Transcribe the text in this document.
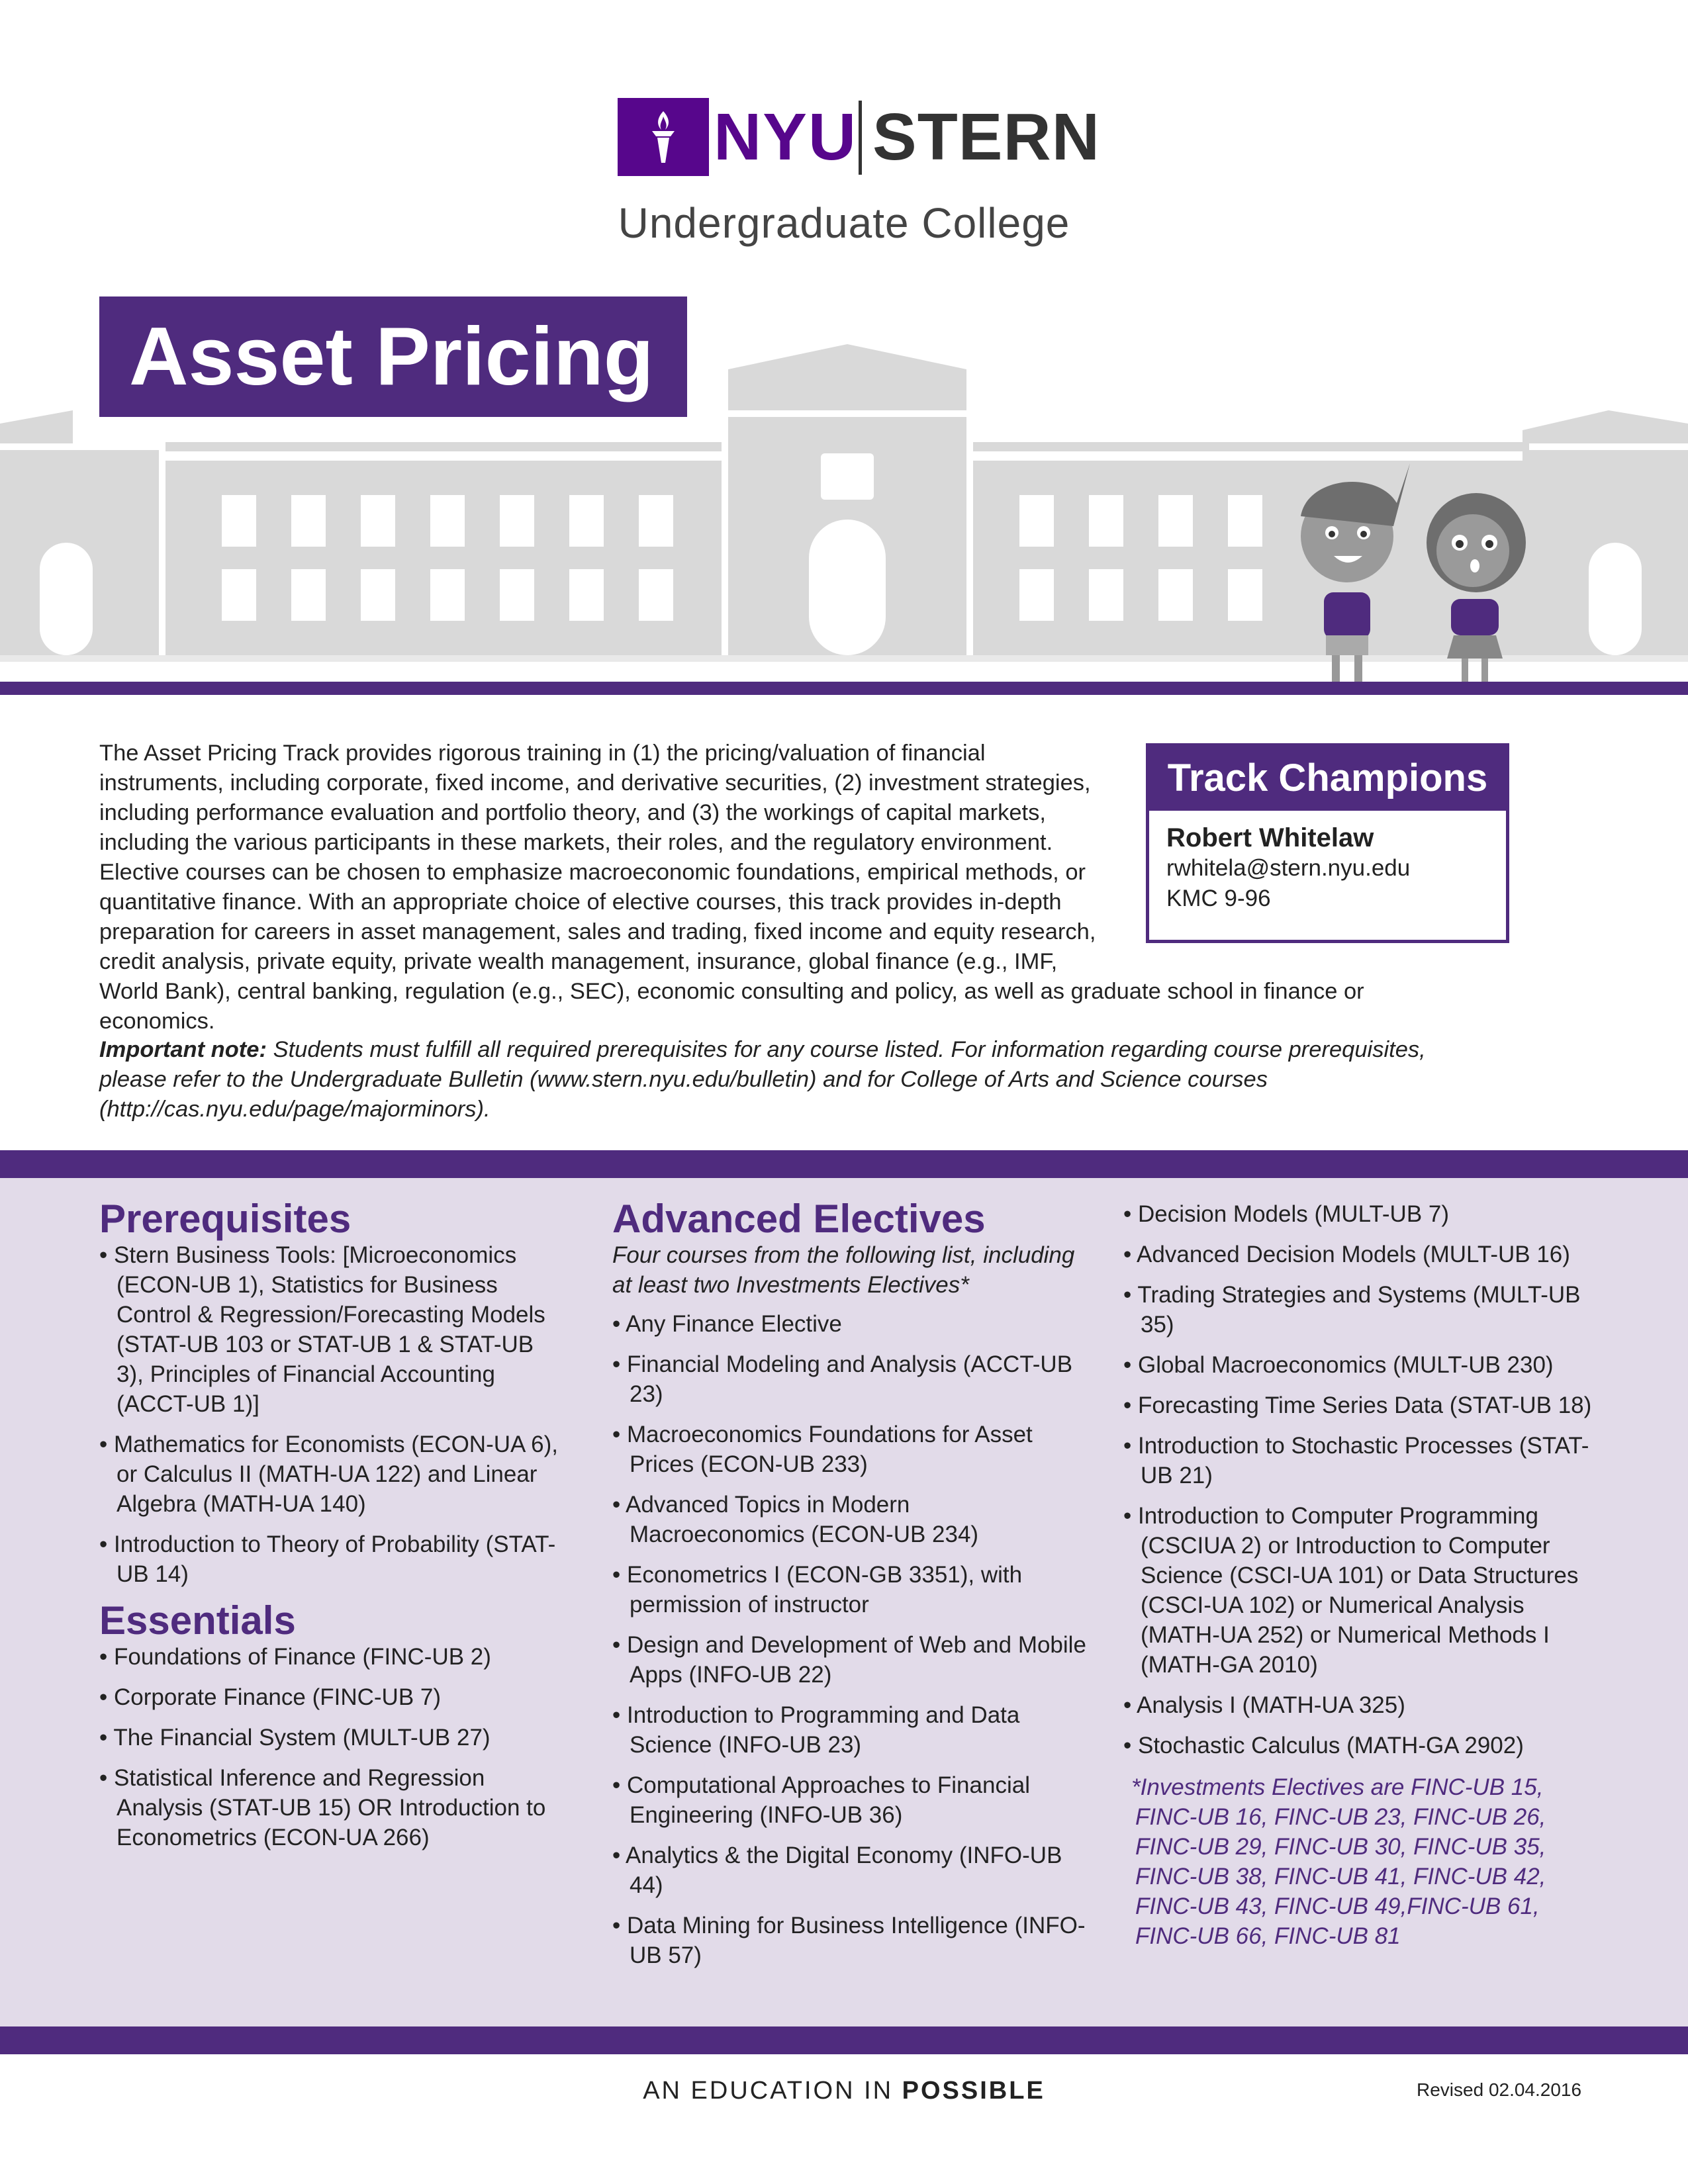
NYU STERN
Undergraduate College
Asset Pricing
Track Champions
Robert Whitelaw
rwhitela@stern.nyu.edu
KMC 9-96
The Asset Pricing Track provides rigorous training in (1) the pricing/valuation of financial instruments, including corporate, fixed income, and derivative securities, (2) investment strategies, including performance evaluation and portfolio theory, and (3) the workings of capital markets, including the various participants in these markets, their roles, and the regulatory environment. Elective courses can be chosen to emphasize macroeconomic foundations, empirical methods, or quantitative finance. With an appropriate choice of elective courses, this track provides in-depth preparation for careers in asset management, sales and trading, fixed income and equity research, credit analysis, private equity, private wealth management, insurance, global finance (e.g., IMF, World Bank), central banking, regulation (e.g., SEC), economic consulting and policy, as well as graduate school in finance or economics.
Important note: Students must fulfill all required prerequisites for any course listed. For information regarding course prerequisites, please refer to the Undergraduate Bulletin (www.stern.nyu.edu/bulletin) and for College of Arts and Science courses (http://cas.nyu.edu/page/majorminors).
Prerequisites
• Stern Business Tools: [Microeconomics (ECON-UB 1), Statistics for Business Control & Regression/Forecasting Models (STAT-UB 103 or STAT-UB 1 & STAT-UB 3), Principles of Financial Accounting (ACCT-UB 1)]
• Mathematics for Economists (ECON-UA 6), or Calculus II (MATH-UA 122) and Linear Algebra (MATH-UA 140)
• Introduction to Theory of Probability (STAT-UB 14)
Essentials
• Foundations of Finance (FINC-UB 2)
• Corporate Finance (FINC-UB 7)
• The Financial System (MULT-UB 27)
• Statistical Inference and Regression Analysis (STAT-UB 15) OR Introduction to Econometrics (ECON-UA 266)
Advanced Electives
Four courses from the following list, including at least two Investments Electives*
• Any Finance Elective
• Financial Modeling and Analysis (ACCT-UB 23)
• Macroeconomics Foundations for Asset Prices (ECON-UB 233)
• Advanced Topics in Modern Macroeconomics (ECON-UB 234)
• Econometrics I (ECON-GB 3351), with permission of instructor
• Design and Development of Web and Mobile Apps (INFO-UB 22)
• Introduction to Programming and Data Science (INFO-UB 23)
• Computational Approaches to Financial Engineering (INFO-UB 36)
• Analytics & the Digital Economy (INFO-UB 44)
• Data Mining for Business Intelligence (INFO-UB 57)
• Decision Models (MULT-UB 7)
• Advanced Decision Models (MULT-UB 16)
• Trading Strategies and Systems (MULT-UB 35)
• Global Macroeconomics (MULT-UB 230)
• Forecasting Time Series Data (STAT-UB 18)
• Introduction to Stochastic Processes (STAT-UB 21)
• Introduction to Computer Programming (CSCIUA 2) or Introduction to Computer Science (CSCI-UA 101) or Data Structures (CSCI-UA 102) or Numerical Analysis (MATH-UA 252) or Numerical Methods I (MATH-GA 2010)
• Analysis I (MATH-UA 325)
• Stochastic Calculus (MATH-GA 2902)
*Investments Electives are FINC-UB 15, FINC-UB 16, FINC-UB 23, FINC-UB 26, FINC-UB 29, FINC-UB 30, FINC-UB 35, FINC-UB 38, FINC-UB 41, FINC-UB 42, FINC-UB 43, FINC-UB 49,FINC-UB 61, FINC-UB 66, FINC-UB 81
AN EDUCATION IN POSSIBLE	Revised 02.04.2016
